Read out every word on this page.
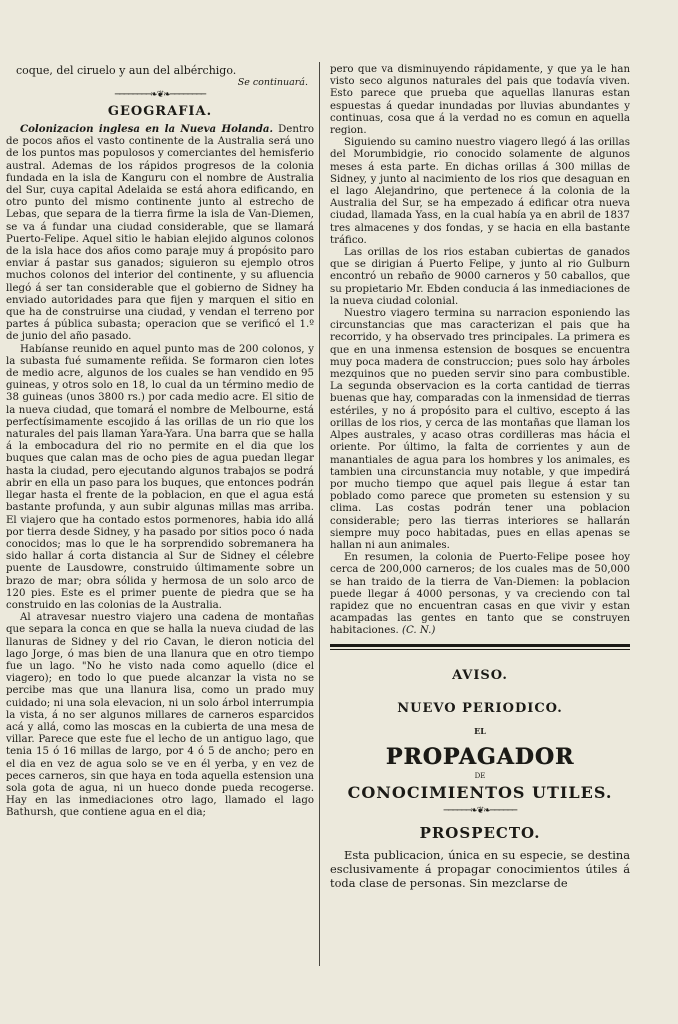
coque, del ciruelo y aun del albérchigo.

Se continuará.

────────❧❦❧────────
GEOGRAFIA.

Colonizacion inglesa en la Nueva Holanda. Dentro de pocos años el vasto continente de la Australia será uno de los puntos mas populosos y comerciantes del hemisferio austral. Ademas de los rápidos progresos de la colonia fundada en la isla de Kanguru con el nombre de Australia del Sur, cuya capital Adelaida se está ahora edificando, en otro punto del mismo continente junto al estrecho de Lebas, que separa de la tierra firme la isla de Van-Diemen, se va á fundar una ciudad considerable, que se llamará Puerto-Felipe. Aquel sitio le habian elejido algunos colonos de la isla hace dos años como paraje muy á propósito paro enviar á pastar sus ganados; siguieron su ejemplo otros muchos colonos del interior del continente, y su afluencia llegó á ser tan considerable que el gobierno de Sidney ha enviado autoridades para que fijen y marquen el sitio en que ha de construirse una ciudad, y vendan el terreno por partes á pública subasta; operacion que se verificó el 1.º de junio del año pasado.

Habíanse reunido en aquel punto mas de 200 colonos, y la subasta fué sumamente reñida. Se formaron cien lotes de medio acre, algunos de los cuales se han vendido en 95 guineas, y otros solo en 18, lo cual da un término medio de 38 guineas (unos 3800 rs.) por cada medio acre. El sitio de la nueva ciudad, que tomará el nombre de Melbourne, está perfectísimamente escojido á las orillas de un rio que los naturales del pais llaman Yara-Yara. Una barra que se halla á la embocadura del rio no permite en el dia que los buques que calan mas de ocho pies de agua puedan llegar hasta la ciudad, pero ejecutando algunos trabajos se podrá abrir en ella un paso para los buques, que entonces podrán llegar hasta el frente de la poblacion, en que el agua está bastante profunda, y aun subir algunas millas mas arriba. El viajero que ha contado estos pormenores, habia ido allá por tierra desde Sidney, y ha pasado por sitios poco ó nada conocidos; mas lo que le ha sorprendido sobremanera ha sido hallar á corta distancia al Sur de Sidney el célebre puente de Lausdowre, construido últimamente sobre un brazo de mar; obra sólida y hermosa de un solo arco de 120 pies. Este es el primer puente de piedra que se ha construido en las colonias de la Australia.

Al atravesar nuestro viajero una cadena de montañas que separa la conca en que se halla la nueva ciudad de las llanuras de Sidney y del rio Cavan, le dieron noticia del lago Jorge, ó mas bien de una llanura que en otro tiempo fue un lago. "No he visto nada como aquello (dice el viagero); en todo lo que puede alcanzar la vista no se percibe mas que una llanura lisa, como un prado muy cuidado; ni una sola elevacion, ni un solo árbol interrumpia la vista, á no ser algunos millares de carneros esparcidos acá y allá, como las moscas en la cubierta de una mesa de villar. Parece que este fue el lecho de un antiguo lago, que tenia 15 ó 16 millas de largo, por 4 ó 5 de ancho; pero en el dia en vez de agua solo se ve en él yerba, y en vez de peces carneros, sin que haya en toda aquella estension una sola gota de agua, ni un hueco donde pueda recogerse. Hay en las inmediaciones otro lago, llamado el lago Bathursh, que contiene agua en el dia;

pero que va disminuyendo rápidamente, y que ya le han visto seco algunos naturales del pais que todavía viven. Esto parece que prueba que aquellas llanuras estan espuestas á quedar inundadas por lluvias abundantes y continuas, cosa que á la verdad no es comun en aquella region.

Siguiendo su camino nuestro viagero llegó á las orillas del Morumbidgie, rio conocido solamente de algunos meses á esta parte. En dichas orillas á 300 millas de Sidney, y junto al nacimiento de los rios que desaguan en el lago Alejandrino, que pertenece á la colonia de la Australia del Sur, se ha empezado á edificar otra nueva ciudad, llamada Yass, en la cual había ya en abril de 1837 tres almacenes y dos fondas, y se hacia en ella bastante tráfico.

Las orillas de los rios estaban cubiertas de ganados que se dirigian á Puerto Felipe, y junto al rio Gulburn encontró un rebaño de 9000 carneros y 50 caballos, que su propietario Mr. Ebden conducia á las inmediaciones de la nueva ciudad colonial.

Nuestro viagero termina su narracion esponiendo las circunstancias que mas caracterizan el pais que ha recorrido, y ha observado tres principales. La primera es que en una inmensa estension de bosques se encuentra muy poca madera de construccion; pues solo hay árboles mezquinos que no pueden servir sino para combustible. La segunda observacion es la corta cantidad de tierras buenas que hay, comparadas con la inmensidad de tierras estériles, y no á propósito para el cultivo, escepto á las orillas de los rios, y cerca de las montañas que llaman los Alpes australes, y acaso otras cordilleras mas hácia el oriente. Por último, la falta de corrientes y aun de manantiales de agua para los hombres y los animales, es tambien una circunstancia muy notable, y que impedirá por mucho tiempo que aquel pais llegue á estar tan poblado como parece que prometen su estension y su clima. Las costas podrán tener una poblacion considerable; pero las tierras interiores se hallarán siempre muy poco habitadas, pues en ellas apenas se hallan ni aun animales.

En resumen, la colonia de Puerto-Felipe posee hoy cerca de 200,000 carneros; de los cuales mas de 50,000 se han traido de la tierra de Van-Diemen: la poblacion puede llegar á 4000 personas, y va creciendo con tal rapidez que no encuentran casas en que vivir y estan acampadas las gentes en tanto que se construyen habitaciones. (C. N.)

AVISO.
NUEVO PERIODICO.
EL
PROPAGADOR
DE
CONOCIMIENTOS UTILES.
──────❧❦❧──────
PROSPECTO.

Esta publicacion, única en su especie, se destina esclusivamente á propagar conocimientos útiles á toda clase de personas. Sin mezclarse de
